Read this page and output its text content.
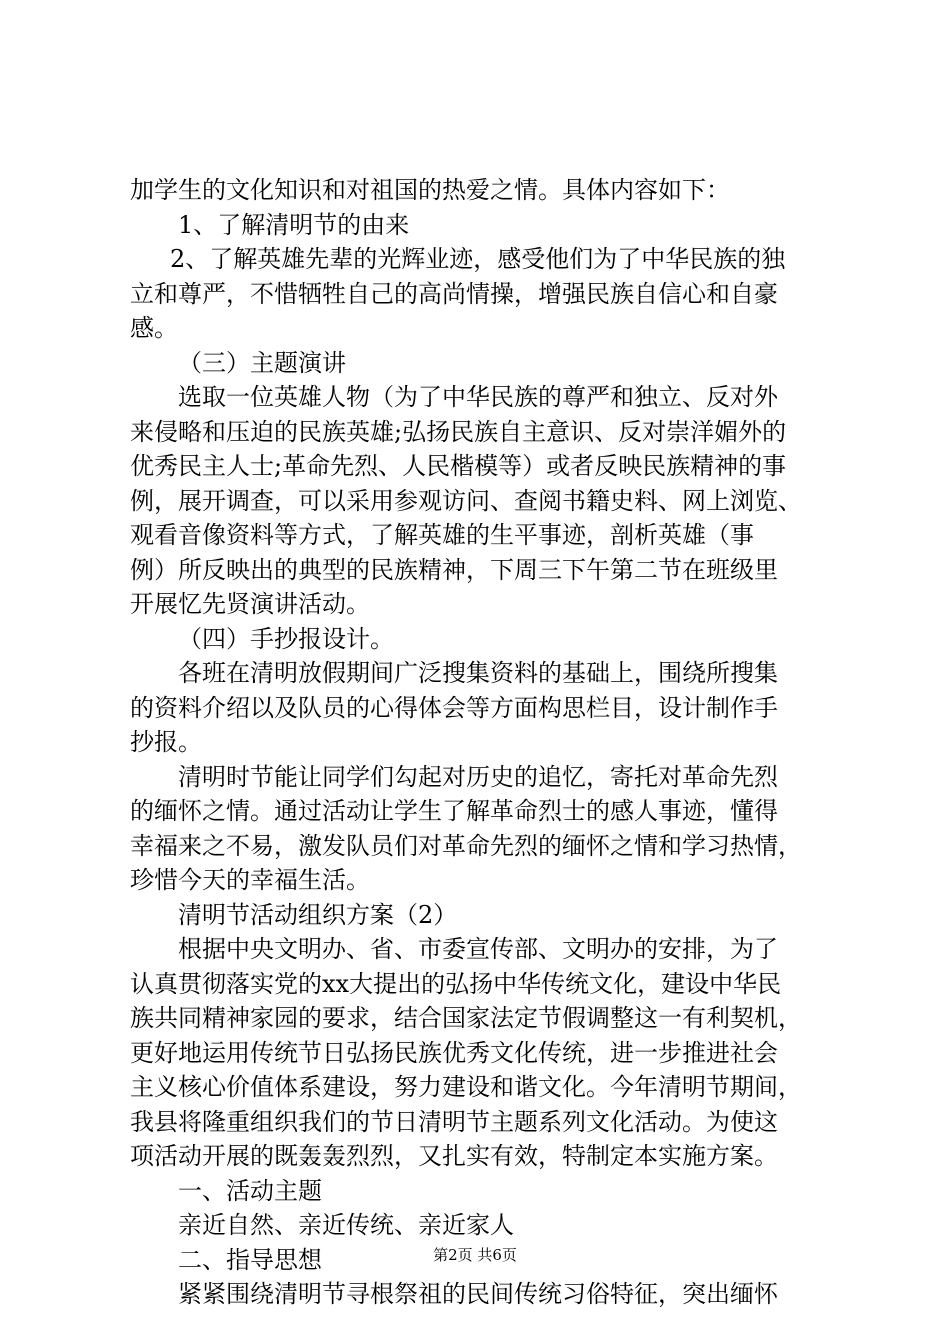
加学生的文化知识和对祖国的热爱之情。具体内容如下：
1、了解清明节的由来
2、了解英雄先辈的光辉业迹，感受他们为了中华民族的独
立和尊严，不惜牺牲自己的高尚情操，增强民族自信心和自豪
感。
（三）主题演讲
选取一位英雄人物（为了中华民族的尊严和独立、反对外
来侵略和压迫的民族英雄;弘扬民族自主意识、反对崇洋媚外的
优秀民主人士;革命先烈、人民楷模等）或者反映民族精神的事
例，展开调查，可以采用参观访问、查阅书籍史料、网上浏览、
观看音像资料等方式，了解英雄的生平事迹，剖析英雄（事
例）所反映出的典型的民族精神，下周三下午第二节在班级里
开展忆先贤演讲活动。
（四）手抄报设计。
各班在清明放假期间广泛搜集资料的基础上，围绕所搜集
的资料介绍以及队员的心得体会等方面构思栏目，设计制作手
抄报。
清明时节能让同学们勾起对历史的追忆，寄托对革命先烈
的缅怀之情。通过活动让学生了解革命烈士的感人事迹，懂得
幸福来之不易，激发队员们对革命先烈的缅怀之情和学习热情，
珍惜今天的幸福生活。
清明节活动组织方案（2）
根据中央文明办、省、市委宣传部、文明办的安排，为了
认真贯彻落实党的xx大提出的弘扬中华传统文化，建设中华民
族共同精神家园的要求，结合国家法定节假调整这一有利契机，
更好地运用传统节日弘扬民族优秀文化传统，进一步推进社会
主义核心价值体系建设，努力建设和谐文化。今年清明节期间，
我县将隆重组织我们的节日清明节主题系列文化活动。为使这
项活动开展的既轰轰烈烈，又扎实有效，特制定本实施方案。
一、活动主题
亲近自然、亲近传统、亲近家人
二、指导思想
紧紧围绕清明节寻根祭祖的民间传统习俗特征，突出缅怀
第2页 共6页
